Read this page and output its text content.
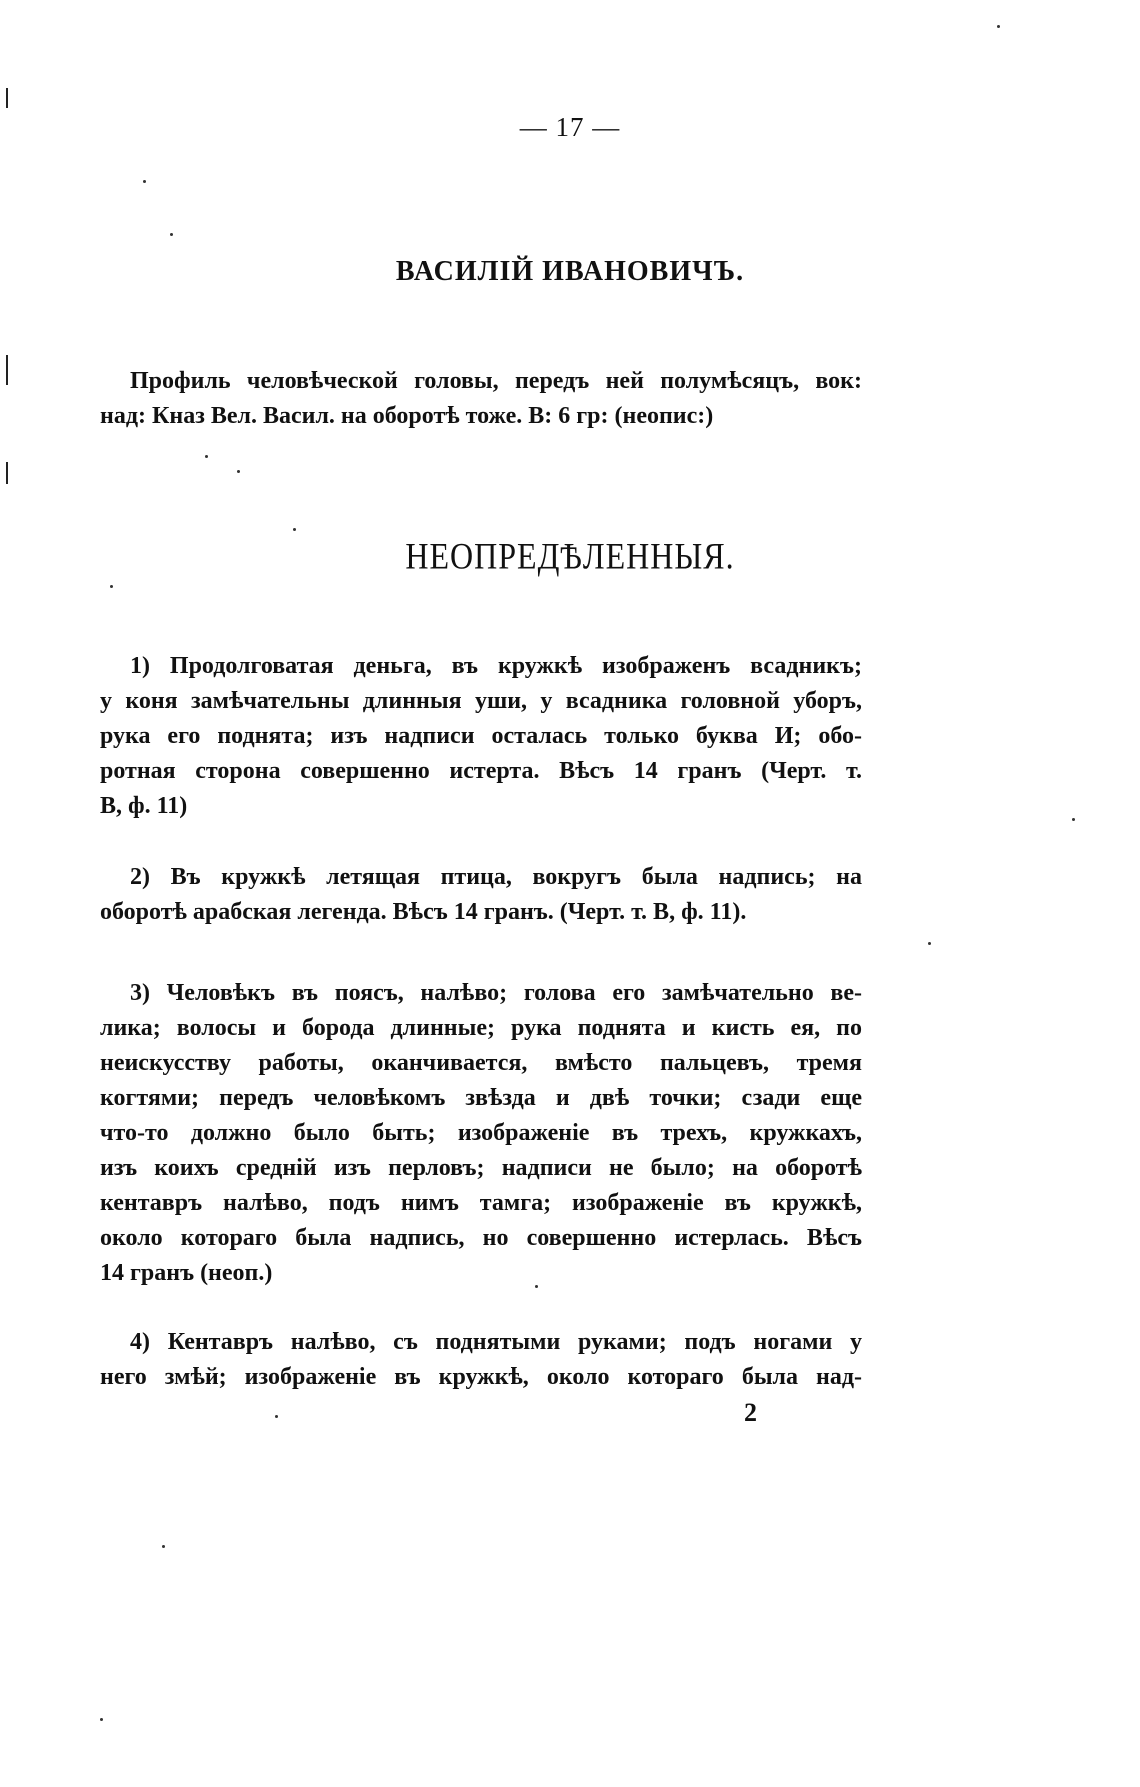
— 17 —
ВАСИЛІЙ ИВАНОВИЧЪ.
Профиль человѣческой головы, передъ ней полумѣсяцъ, вок:
над: Кназ Вел. Васил. на оборотѣ тоже. В: 6 гр: (неопис:)
НЕОПРЕДѢЛЕННЫЯ.
1) Продолговатая деньга, въ кружкѣ изображенъ всадникъ;
у коня замѣчательны длинныя уши, у всадника головной уборъ,
рука его поднята; изъ надписи осталась только буква И; обо-
ротная сторона совершенно истерта. Вѣсъ 14 гранъ (Черт. т.
В, ф. 11)
2) Въ кружкѣ летящая птица, вокругъ была надпись; на
оборотѣ арабская легенда. Вѣсъ 14 гранъ. (Черт. т. В, ф. 11).
3) Человѣкъ въ поясъ, налѣво; голова его замѣчательно ве-
лика; волосы и борода длинные; рука поднята и кисть ея, по
неискусству работы, оканчивается, вмѣсто пальцевъ, тремя
когтями; передъ человѣкомъ звѣзда и двѣ точки; сзади еще
что-то должно было быть; изображеніе въ трехъ, кружкахъ,
изъ коихъ среднiй изъ перловъ; надписи не было; на оборотѣ
кентавръ налѣво, подъ нимъ тамга; изображеніе въ кружкѣ,
около котораго была надпись, но совершенно истерлась. Вѣсъ
14 гранъ (неоп.)
4) Кентавръ налѣво, съ поднятыми руками; подъ ногами у
него змѣй; изображеніе въ кружкѣ, около котораго была над-
2
